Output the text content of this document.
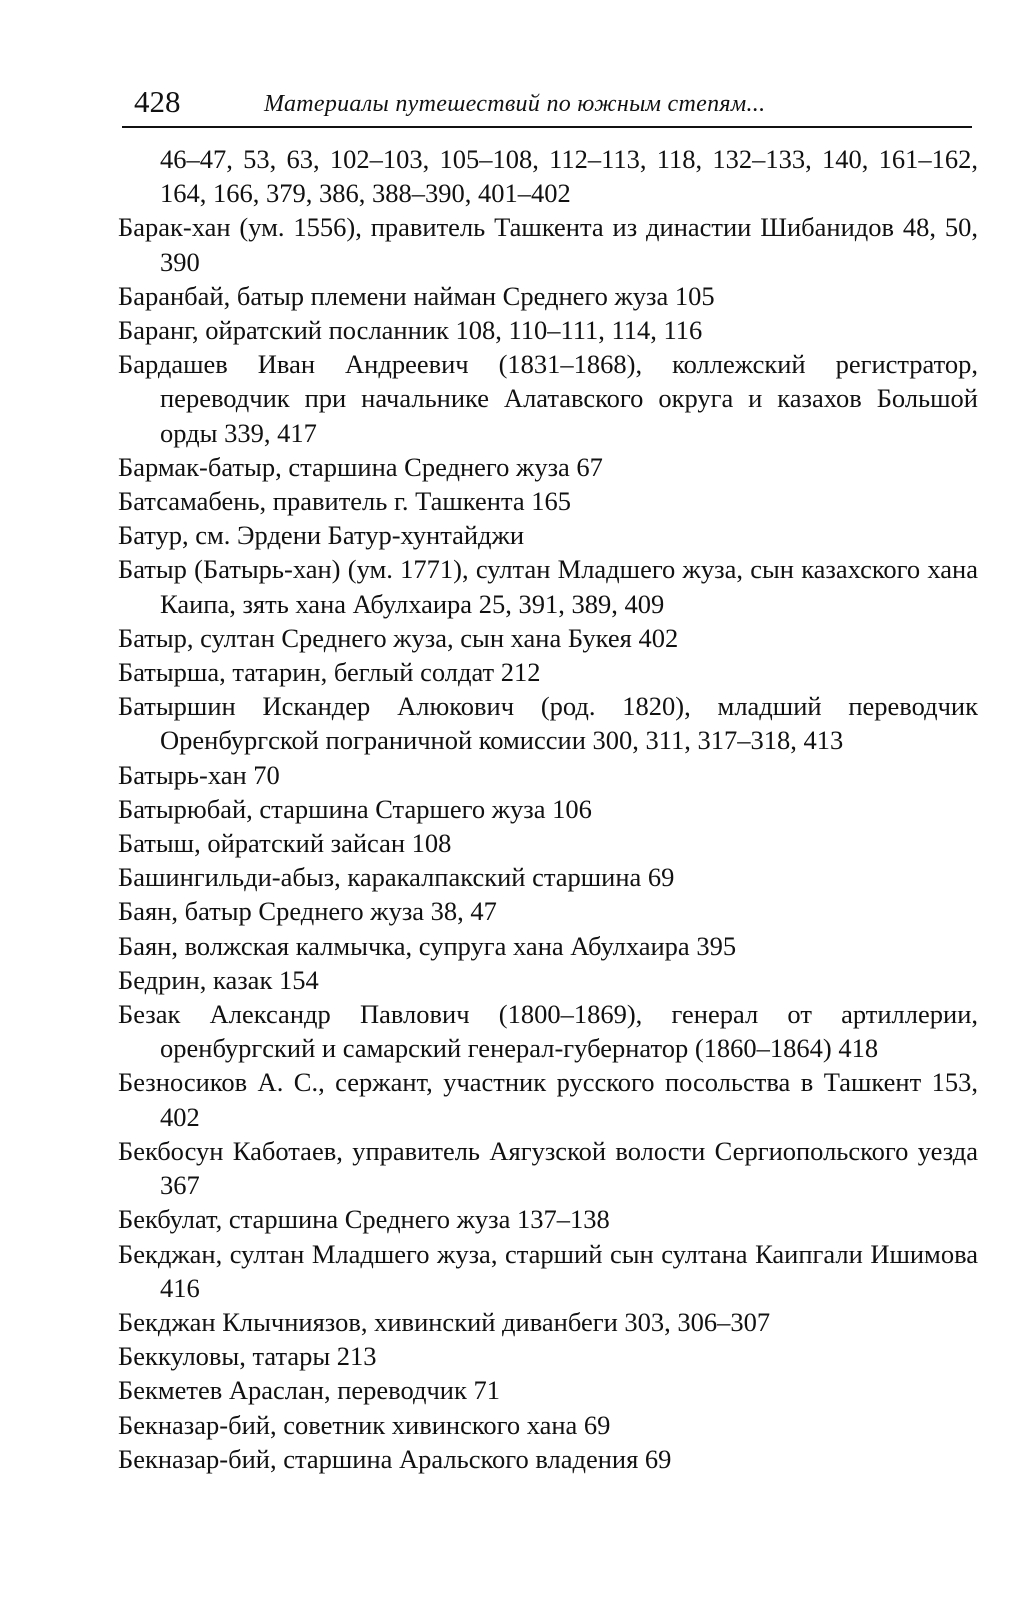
428	Материалы путешествий по южным степям...

46–47, 53, 63, 102–103, 105–108, 112–113, 118, 132–133, 140, 161–162, 164, 166, 379, 386, 388–390, 401–402

Барак-хан (ум. 1556), правитель Ташкента из династии Шибанидов 48, 50, 390

Баранбай, батыр племени найман Среднего жуза 105

Баранг, ойратский посланник 108, 110–111, 114, 116

Бардашев Иван Андреевич (1831–1868), коллежский регистратор, переводчик при начальнике Алатавского округа и казахов Большой орды 339, 417

Бармак-батыр, старшина Среднего жуза 67

Батсамабень, правитель г. Ташкента 165

Батур, см. Эрдени Батур-хунтайджи

Батыр (Батырь-хан) (ум. 1771), султан Младшего жуза, сын казахского хана Каипа, зять хана Абулхаира 25, 391, 389, 409

Батыр, султан Среднего жуза, сын хана Букея 402

Батырша, татарин, беглый солдат 212

Батыршин Искандер Алюкович (род. 1820), младший переводчик Оренбургской пограничной комиссии 300, 311, 317–318, 413

Батырь-хан 70

Батырюбай, старшина Старшего жуза 106

Батыш, ойратский зайсан 108

Башингильди-абыз, каракалпакский старшина 69

Баян, батыр Среднего жуза 38, 47

Баян, волжская калмычка, супруга хана Абулхаира 395

Бедрин, казак 154

Безак Александр Павлович (1800–1869), генерал от артиллерии, оренбургский и самарский генерал-губернатор (1860–1864) 418

Безносиков А. С., сержант, участник русского посольства в Ташкент 153, 402

Бекбосун Каботаев, управитель Аягузской волости Сергиопольского уезда 367

Бекбулат, старшина Среднего жуза 137–138

Бекджан, султан Младшего жуза, старший сын султана Каипгали Ишимова 416

Бекджан Клычниязов, хивинский диванбеги 303, 306–307

Беккуловы, татары 213

Бекметев Араслан, переводчик 71

Бекназар-бий, советник хивинского хана 69

Бекназар-бий, старшина Аральского владения 69
